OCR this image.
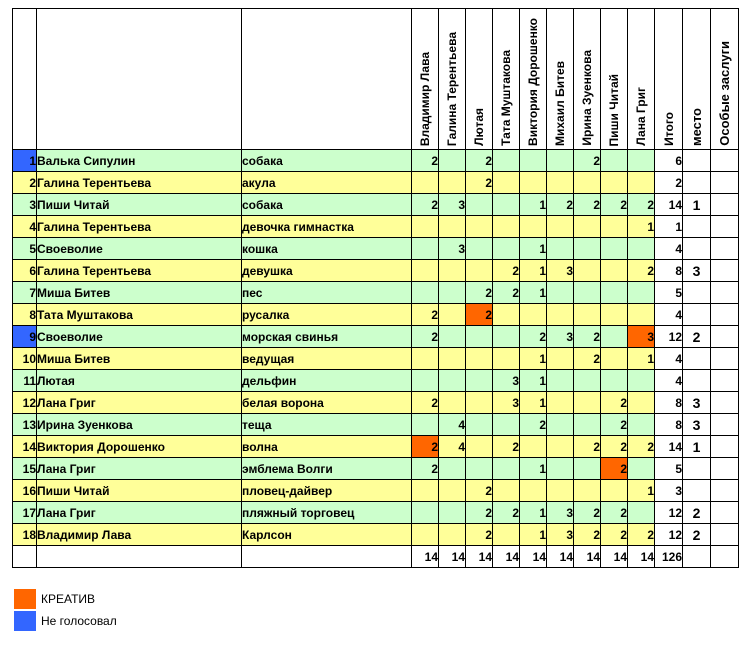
			Владимир Лава	Галина Терентьева	Лютая	Тата Муштакова	Виктория Дорошенко	Михаил Битев	Ирина Зуенкова	Пиши Читай	Лана Григ	Итого	место	Особые заслуги
1	Валька Сипулин	собака	2		2				2			6		
2	Галина Терентьева	акула			2							2		
3	Пиши Читай	собака	2	3			1	2	2	2	2	14	1	
4	Галина Терентьева	девочка гимнастка									1	1		
5	Своеволие	кошка		3			1					4		
6	Галина Терентьева	девушка				2	1	3			2	8	3	
7	Миша Битев	пес			2	2	1					5		
8	Тата Муштакова	русалка	2		2							4		
9	Своеволие	морская свинья	2				2	3	2		3	12	2	
10	Миша Битев	ведущая					1		2		1	4		
11	Лютая	дельфин				3	1					4		
12	Лана Григ	белая ворона	2			3	1			2		8	3	
13	Ирина Зуенкова	теща		4			2			2		8	3	
14	Виктория Дорошенко	волна	2	4		2			2	2	2	14	1	
15	Лана Григ	эмблема Волги	2				1			2		5		
16	Пиши Читай	пловец-дайвер			2						1	3		
17	Лана Григ	пляжный торговец			2	2	1	3	2	2		12	2	
18	Владимир Лава	Карлсон			2		1	3	2	2	2	12	2	
			14	14	14	14	14	14	14	14	14	126		
КРЕАТИВ
Не голосовал
